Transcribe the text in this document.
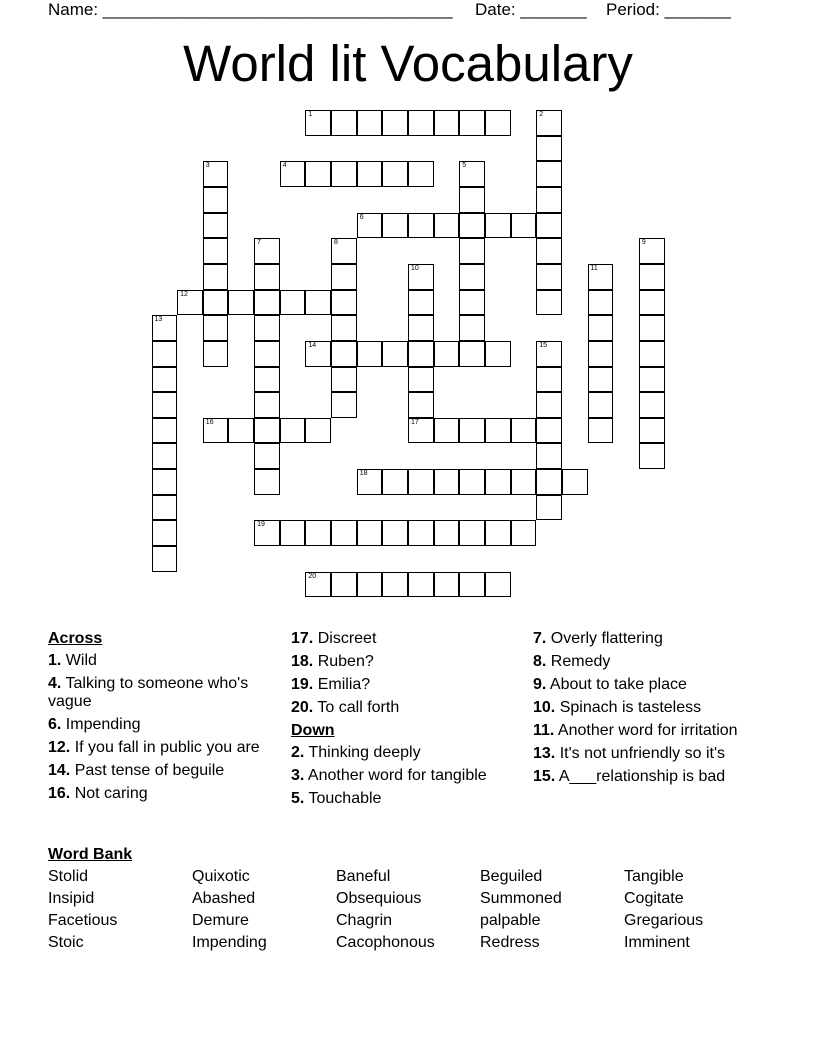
Name: _____________________________________ Date: _______ Period: _______
World lit Vocabulary
1	2
4
3	5
6
7	8	9
10	11
12
13
14	15
16	17
18
19
20
Across
1. Wild
4. Talking to someone who's vague
6. Impending
12. If you fall in public you are
14. Past tense of beguile
16. Not caring
17. Discreet
18. Ruben?
19. Emilia?
20. To call forth
Down
2. Thinking deeply
3. Another word for tangible
5. Touchable
7. Overly flattering
8. Remedy
9. About to take place
10. Spinach is tasteless
11. Another word for irritation
13. It's not unfriendly so it's
15. A___relationship is bad
Word Bank
Stolid	Quixotic	Baneful	Beguiled	Tangible
Insipid	Abashed	Obsequious	Summoned	Cogitate
Facetious	Demure	Chagrin	palpable	Gregarious
Stoic	Impending	Cacophonous	Redress	Imminent
